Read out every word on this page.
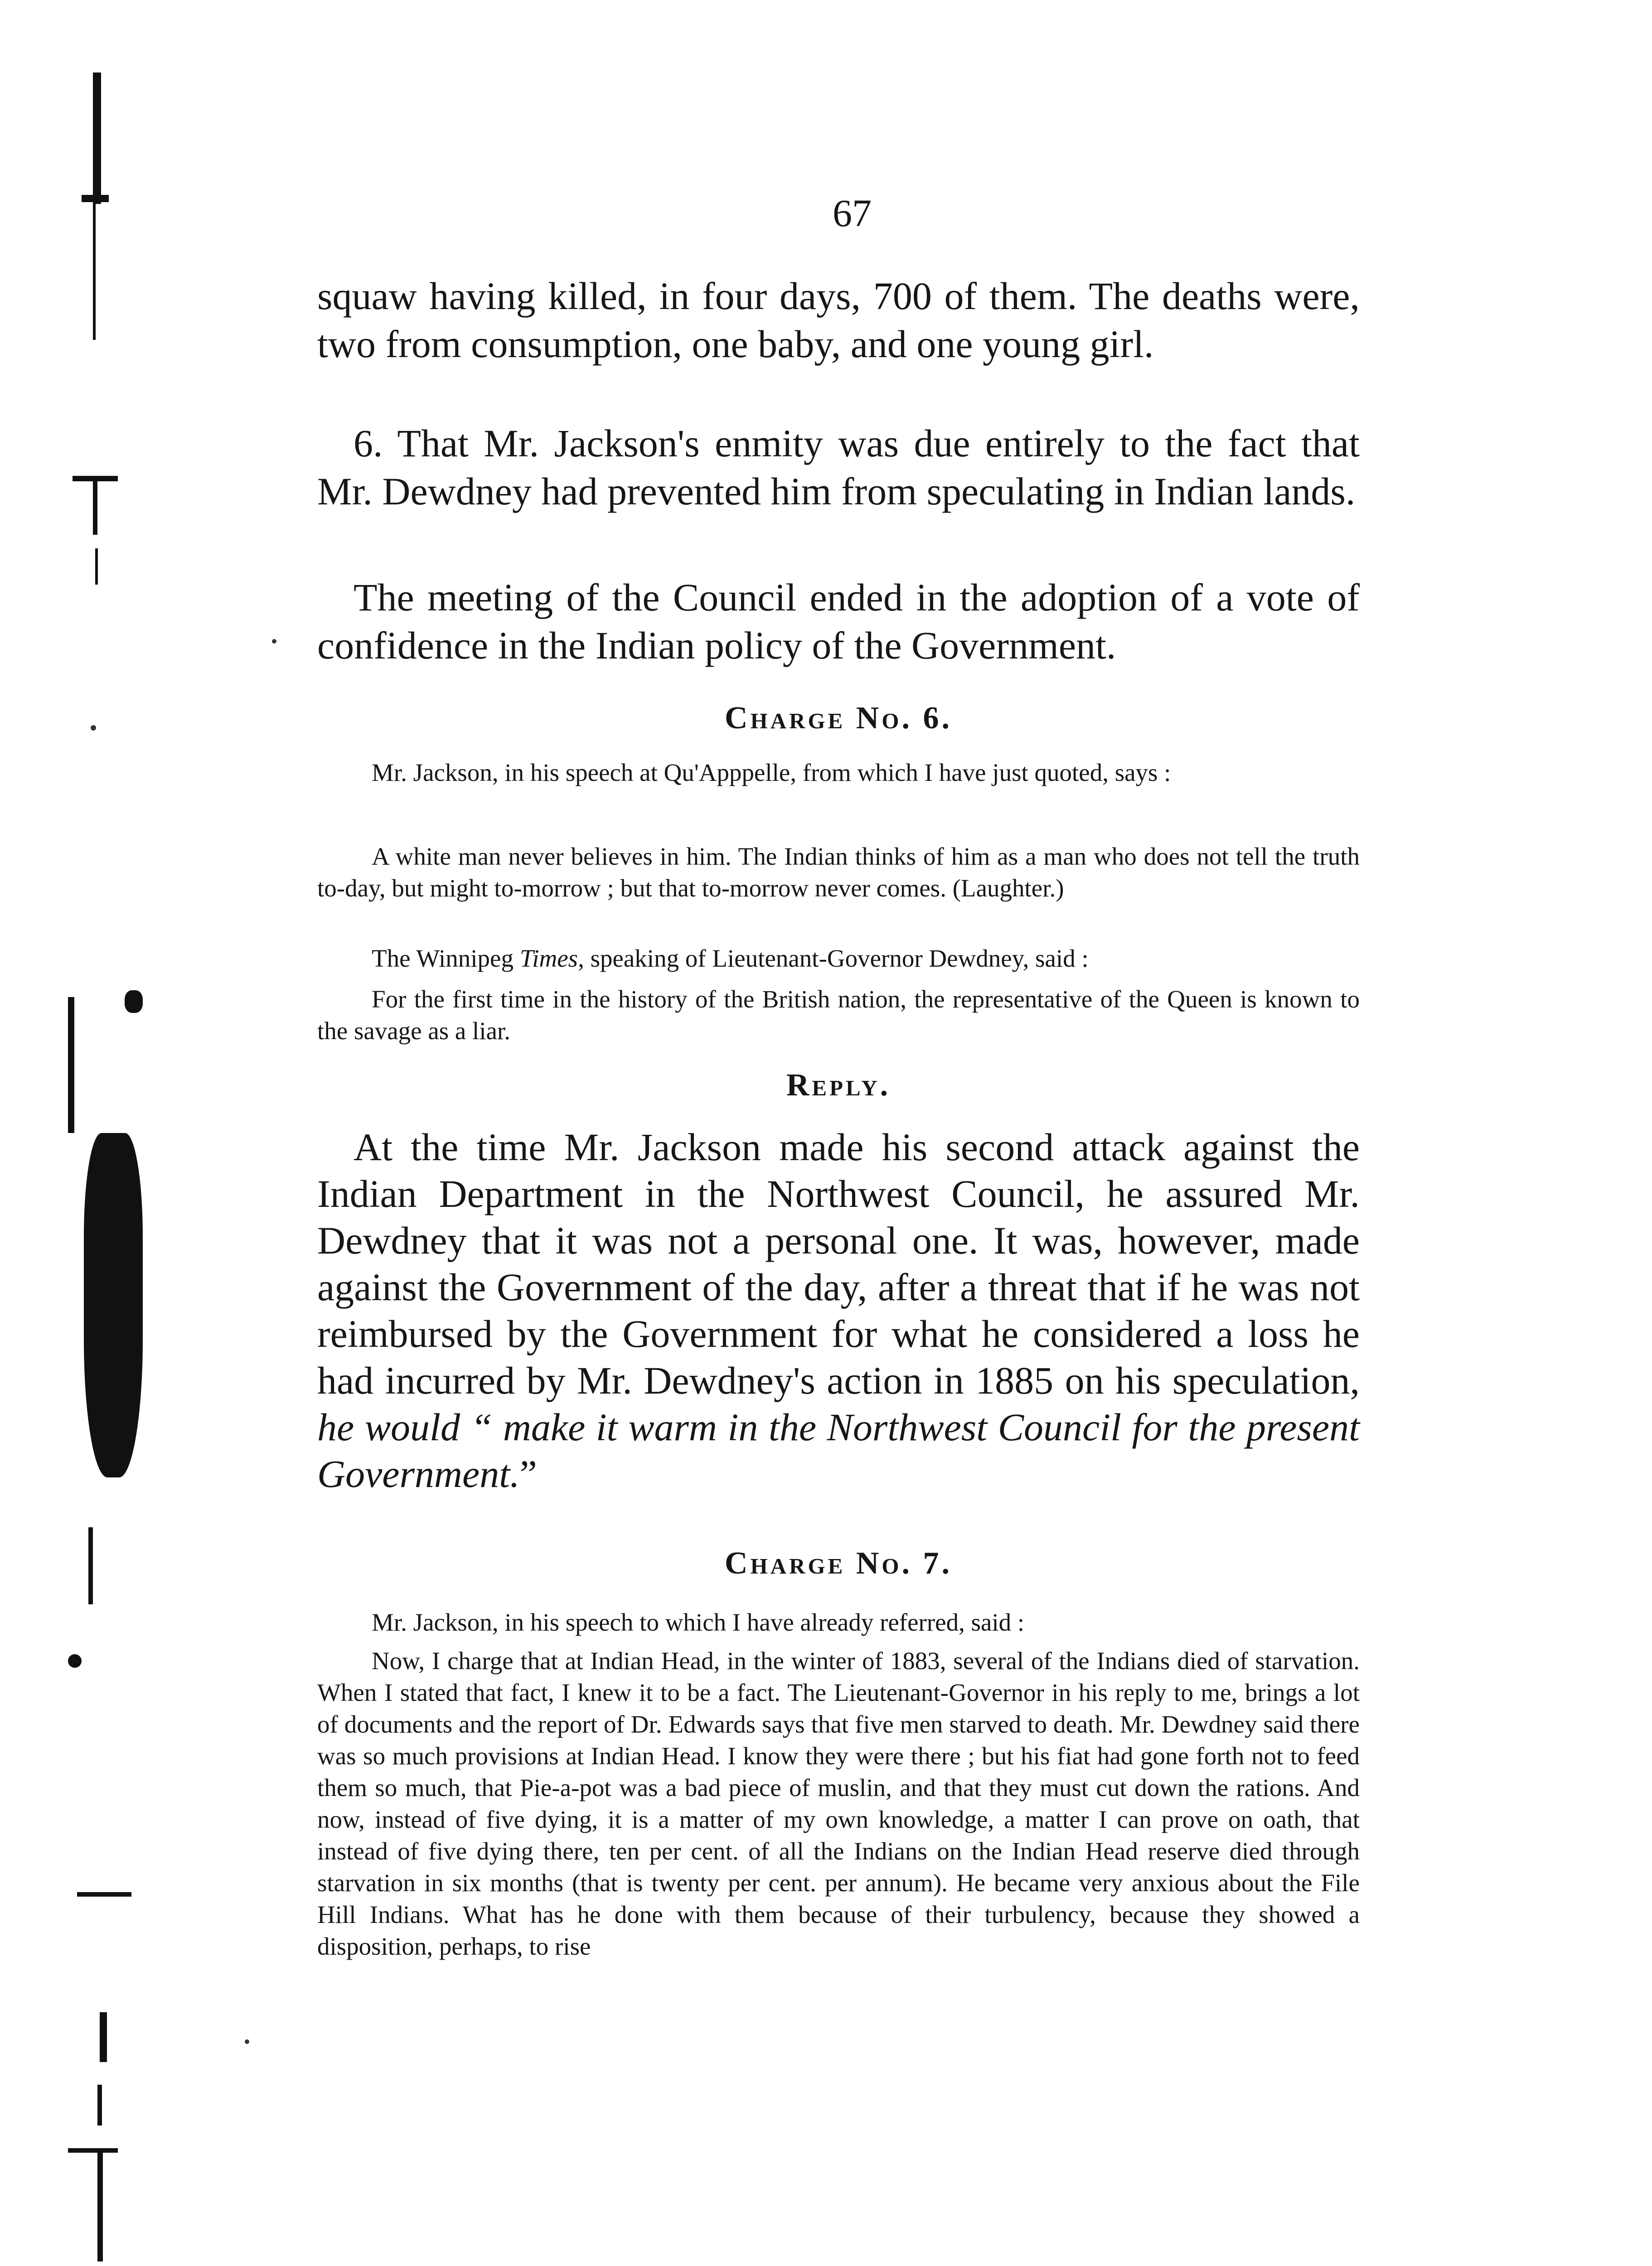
67

squaw having killed, in four days, 700 of them. The deaths were, two from consumption, one baby, and one young girl.

6. That Mr. Jackson's enmity was due entirely to the fact that Mr. Dewdney had prevented him from speculating in Indian lands.

The meeting of the Council ended in the adoption of a vote of confidence in the Indian policy of the Government.

Charge No. 6.

Mr. Jackson, in his speech at Qu'Apppelle, from which I have just quoted, says :

A white man never believes in him. The Indian thinks of him as a man who does not tell the truth to-day, but might to-morrow ; but that to-morrow never comes. (Laughter.)

The Winnipeg Times, speaking of Lieutenant-Governor Dewdney, said :

For the first time in the history of the British nation, the representative of the Queen is known to the savage as a liar.

Reply.

At the time Mr. Jackson made his second attack against the Indian Department in the Northwest Council, he assured Mr. Dewdney that it was not a personal one. It was, however, made against the Government of the day, after a threat that if he was not reimbursed by the Government for what he considered a loss he had incurred by Mr. Dewdney's action in 1885 on his speculation, he would “ make it warm in the Northwest Council for the present Government.”

Charge No. 7.

Mr. Jackson, in his speech to which I have already referred, said :

Now, I charge that at Indian Head, in the winter of 1883, several of the Indians died of starvation. When I stated that fact, I knew it to be a fact. The Lieutenant-Governor in his reply to me, brings a lot of documents and the report of Dr. Edwards says that five men starved to death. Mr. Dewdney said there was so much provisions at Indian Head. I know they were there ; but his fiat had gone forth not to feed them so much, that Pie-a-pot was a bad piece of muslin, and that they must cut down the rations. And now, instead of five dying, it is a matter of my own knowledge, a matter I can prove on oath, that instead of five dying there, ten per cent. of all the Indians on the Indian Head reserve died through starvation in six months (that is twenty per cent. per annum). He became very anxious about the File Hill Indians. What has he done with them because of their turbulency, because they showed a disposition, perhaps, to rise
